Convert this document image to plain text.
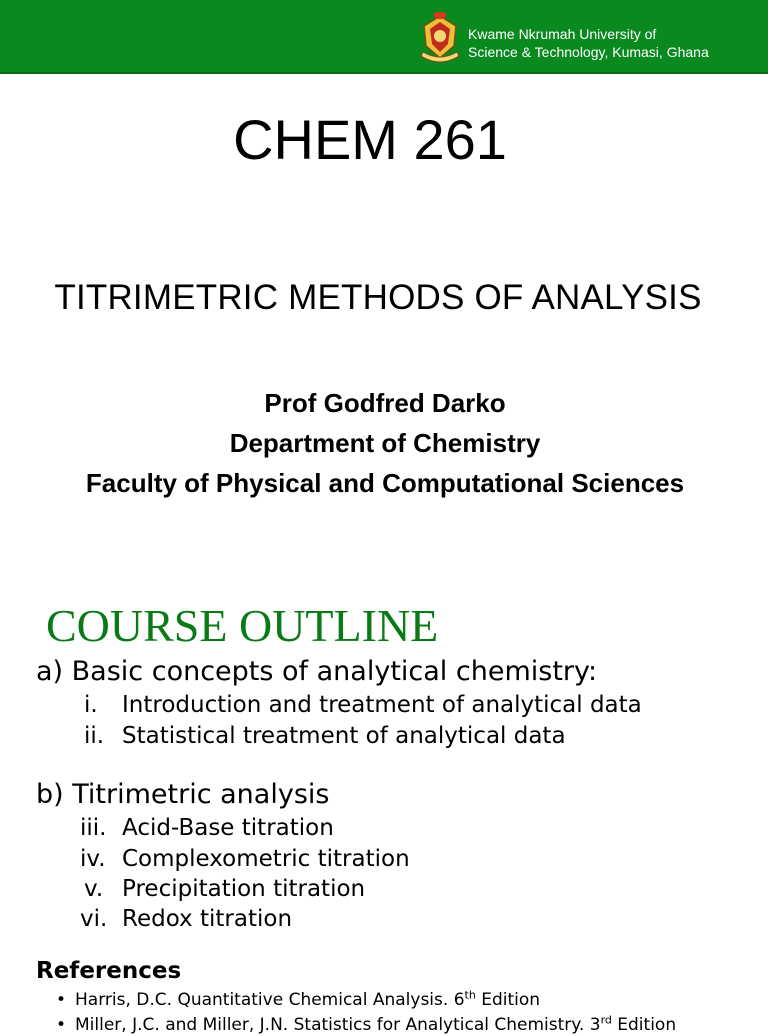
Kwame Nkrumah University of
Science & Technology, Kumasi, Ghana
CHEM 261
TITRIMETRIC METHODS OF ANALYSIS
Prof Godfred Darko
Department of Chemistry
Faculty of Physical and Computational Sciences
COURSE OUTLINE
a) Basic concepts of analytical chemistry:
i.	Introduction and treatment of analytical data
ii. Statistical treatment of analytical data
b) Titrimetric analysis
iii. Acid-Base titration
iv. Complexometric titration
v. Precipitation titration
vi. Redox titration
References
• Harris, D.C. Quantitative Chemical Analysis. 6th Edition
• Miller, J.C. and Miller, J.N. Statistics for Analytical Chemistry. 3rd Edition
